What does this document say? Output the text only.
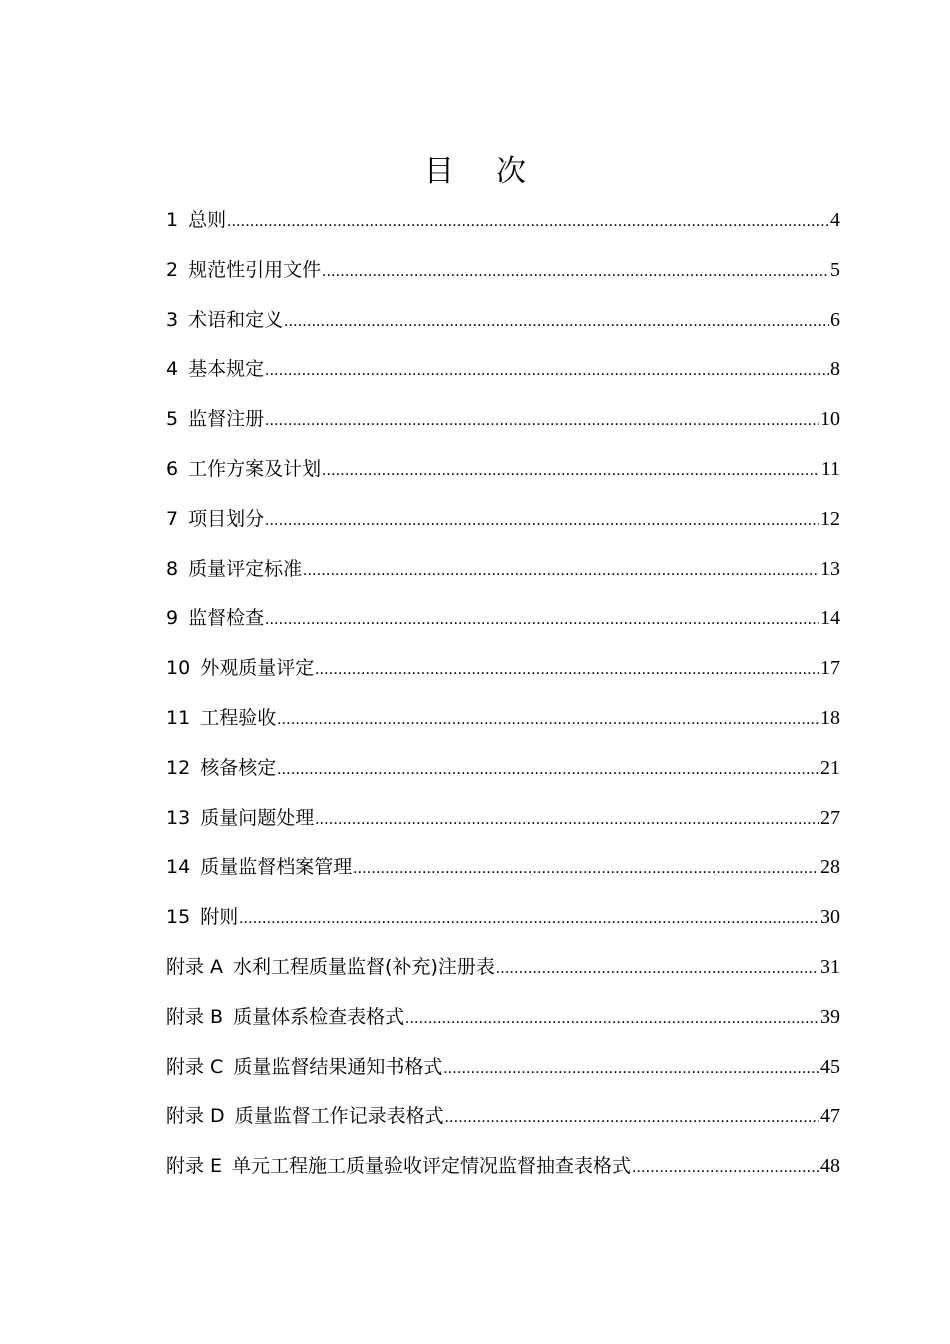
目 次
1 总则 .....	4
2 规范性引用文件 .....	5
3 术语和定义 .....	6
4 基本规定 .....	8
5 监督注册 .....	10
6 工作方案及计划 .....	11
7 项目划分 .....	12
8 质量评定标准 .....	13
9 监督检查 .....	14
10 外观质量评定 .....	17
11 工程验收 .....	18
12 核备核定 .....	21
13 质量问题处理 .....	27
14 质量监督档案管理 .....	28
15 附则 .....	30
附录 A 水利工程质量监督(补充)注册表 .....	31
附录 B 质量体系检查表格式 .....	39
附录 C 质量监督结果通知书格式 .....	45
附录 D 质量监督工作记录表格式 .....	47
附录 E 单元工程施工质量验收评定情况监督抽查表格式 .....	48
